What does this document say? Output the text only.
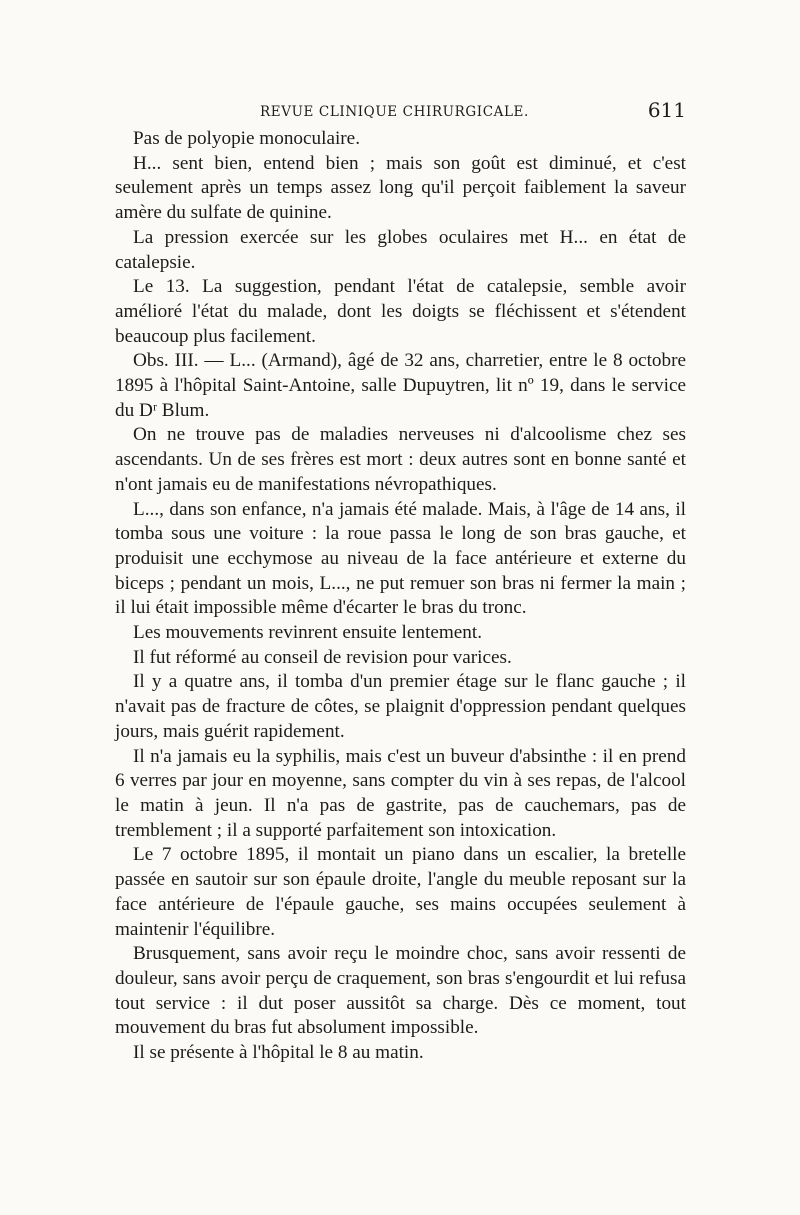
REVUE CLINIQUE CHIRURGICALE.	611

Pas de polyopie monoculaire.

H... sent bien, entend bien ; mais son goût est diminué, et c'est seulement après un temps assez long qu'il perçoit faiblement la saveur amère du sulfate de quinine.

La pression exercée sur les globes oculaires met H... en état de catalepsie.

Le 13. La suggestion, pendant l'état de catalepsie, semble avoir amélioré l'état du malade, dont les doigts se fléchissent et s'étendent beaucoup plus facilement.

Obs. III. — L... (Armand), âgé de 32 ans, charretier, entre le 8 octobre 1895 à l'hôpital Saint-Antoine, salle Dupuytren, lit nº 19, dans le service du Dʳ Blum.

On ne trouve pas de maladies nerveuses ni d'alcoolisme chez ses ascendants. Un de ses frères est mort : deux autres sont en bonne santé et n'ont jamais eu de manifestations névropathiques.

L..., dans son enfance, n'a jamais été malade. Mais, à l'âge de 14 ans, il tomba sous une voiture : la roue passa le long de son bras gauche, et produisit une ecchymose au niveau de la face antérieure et externe du biceps ; pendant un mois, L..., ne put remuer son bras ni fermer la main ; il lui était impossible même d'écarter le bras du tronc.

Les mouvements revinrent ensuite lentement.

Il fut réformé au conseil de revision pour varices.

Il y a quatre ans, il tomba d'un premier étage sur le flanc gauche ; il n'avait pas de fracture de côtes, se plaignit d'oppression pendant quelques jours, mais guérit rapidement.

Il n'a jamais eu la syphilis, mais c'est un buveur d'absinthe : il en prend 6 verres par jour en moyenne, sans compter du vin à ses repas, de l'alcool le matin à jeun. Il n'a pas de gastrite, pas de cauchemars, pas de tremblement ; il a supporté parfaitement son intoxication.

Le 7 octobre 1895, il montait un piano dans un escalier, la bretelle passée en sautoir sur son épaule droite, l'angle du meuble reposant sur la face antérieure de l'épaule gauche, ses mains occupées seulement à maintenir l'équilibre.

Brusquement, sans avoir reçu le moindre choc, sans avoir ressenti de douleur, sans avoir perçu de craquement, son bras s'engourdit et lui refusa tout service : il dut poser aussitôt sa charge. Dès ce moment, tout mouvement du bras fut absolument impossible.

Il se présente à l'hôpital le 8 au matin.
